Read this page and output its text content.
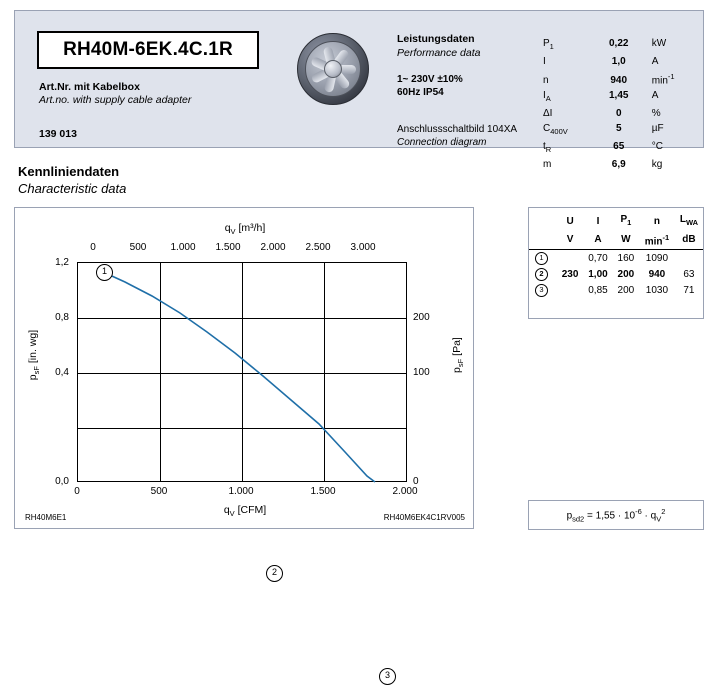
RH40M-6EK.4C.1R
Art.Nr. mit Kabelbox
Art.no. with supply cable adapter
139 013
Leistungsdaten
Performance data
1~ 230V ±10%
60Hz IP54
Anschlussschaltbild 104XA
Connection diagram
$P_1$	0,22	kW
I	1,0	A
n	940	$\min^{-1}$
$I_A$	1,45	A
ΔI	0	%
$C_{400V}$	5	µF
$t_R$	65	°C
m	6,9	kg
Kennliniendaten
Characteristic data
$q_V$ [m³/h]
0	500	1.000	1.500	2.000	2.500	3.000
1
2
3
1,2
0,8
0,4
0,0
200
100
0
0	500	1.000	1.500	2.000
$q_V$ [CFM]
$p_{sF}$ [in. wg]
$p_{sF}$ [Pa]
RH40M6E1	RH40M6EK4C1RV005
	U	I	$P_1$	n	$L_{WA}$
	V	A	W	$\min^{-1}$	dB
1		0,70	160	1090	
2	230	1,00	200	940	63
3		0,85	200	1030	71
$p_{sd2} = 1,55 \cdot 10^{-6} \cdot q_V^2$
